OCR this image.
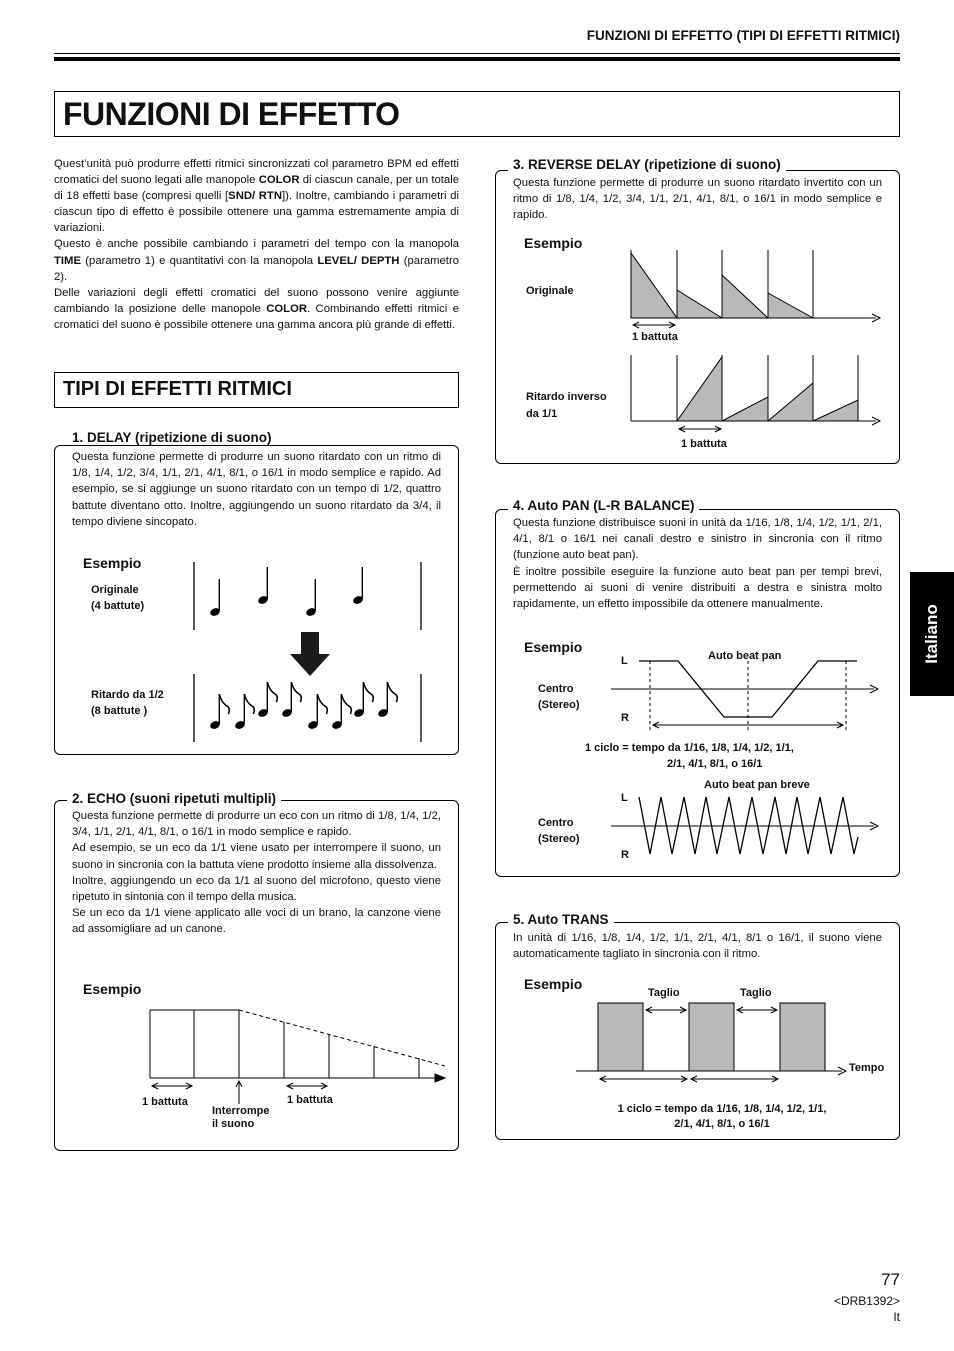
FUNZIONI DI EFFETTO (TIPI DI EFFETTI RITMICI)
FUNZIONI DI EFFETTO

Quest’unità può produrre effetti ritmici sincronizzati col parametro BPM ed effetti cromatici del suono legati alle manopole COLOR di ciascun canale, per un totale di 18 effetti base (compresi quelli [SND/ RTN]). Inoltre, cambiando i parametri di ciascun tipo di effetto è possibile ottenere una gamma estremamente ampia di variazioni.

Questo è anche possibile cambiando i parametri del tempo con la manopola TIME (parametro 1) e quantitativi con la manopola LEVEL/ DEPTH (parametro 2).

Delle variazioni degli effetti cromatici del suono possono venire aggiunte cambiando la posizione delle manopole COLOR. Combinando effetti ritmici e cromatici del suono è possibile ottenere una gamma ancora più grande di effetti.

TIPI DI EFFETTI RITMICI
1. DELAY (ripetizione di suono)
Questa funzione permette di produrre un suono ritardato con un ritmo di 1/8, 1/4, 1/2, 3/4, 1/1, 2/1, 4/1, 8/1, o 16/1 in modo semplice e rapido. Ad esempio, se si aggiunge un suono ritardato con un tempo di 1/2, quattro battute diventano otto. Inoltre, aggiungendo un suono ritardato da 3/4, il tempo diviene sincopato.
Esempio
Originale
(4 battute)
Ritardo da 1/2
(8 battute )
2. ECHO (suoni ripetuti multipli)

Questa funzione permette di produrre un eco con un ritmo di 1/8, 1/4, 1/2, 3/4, 1/1, 2/1, 4/1, 8/1, o 16/1 in modo semplice e rapido.

Ad esempio, se un eco da 1/1 viene usato per interrompere il suono, un suono in sincronia con la battuta viene prodotto insieme alla dissolvenza.

Inoltre, aggiungendo un eco da 1/1 al suono del microfono, questo viene ripetuto in sintonia con il tempo della musica.

Se un eco da 1/1 viene applicato alle voci di un brano, la canzone viene ad assomigliare ad un canone.

Esempio
1 battuta
Interrompe
il suono
1 battuta
3. REVERSE DELAY (ripetizione di suono)
Questa funzione permette di produrre un suono ritardato invertito con un ritmo di 1/8, 1/4, 1/2, 3/4, 1/1, 2/1, 4/1, 8/1, o 16/1 in modo semplice e rapido.
Esempio
Originale
Ritardo inverso
da 1/1
1 battuta
1 battuta
4. Auto PAN (L-R BALANCE)

Questa funzione distribuisce suoni in unità da 1/16, 1/8, 1/4, 1/2, 1/1, 2/1, 4/1, 8/1 o 16/1 nei canali destro e sinistro in sincronia con il ritmo (funzione auto beat pan).

È inoltre possibile eseguire la funzione auto beat pan per tempi brevi, permettendo ai suoni di venire distribuiti a destra e sinistra molto rapidamente, un effetto impossibile da ottenere manualmente.

Esempio
L
R
Centro
(Stereo)
Auto beat pan
1 ciclo = tempo da 1/16, 1/8, 1/4, 1/2, 1/1,
2/1, 4/1, 8/1, o 16/1
Auto beat pan breve
L
R
Centro
(Stereo)
5. Auto TRANS
In unità di 1/16, 1/8, 1/4, 1/2, 1/1, 2/1, 4/1, 8/1 o 16/1, il suono viene automaticamente tagliato in sincronia con il ritmo.
Esempio
Taglio	Taglio
Tempo
1 ciclo = tempo da 1/16, 1/8, 1/4, 1/2, 1/1,
2/1, 4/1, 8/1, o 16/1
Italiano
77
<DRB1392>
It
